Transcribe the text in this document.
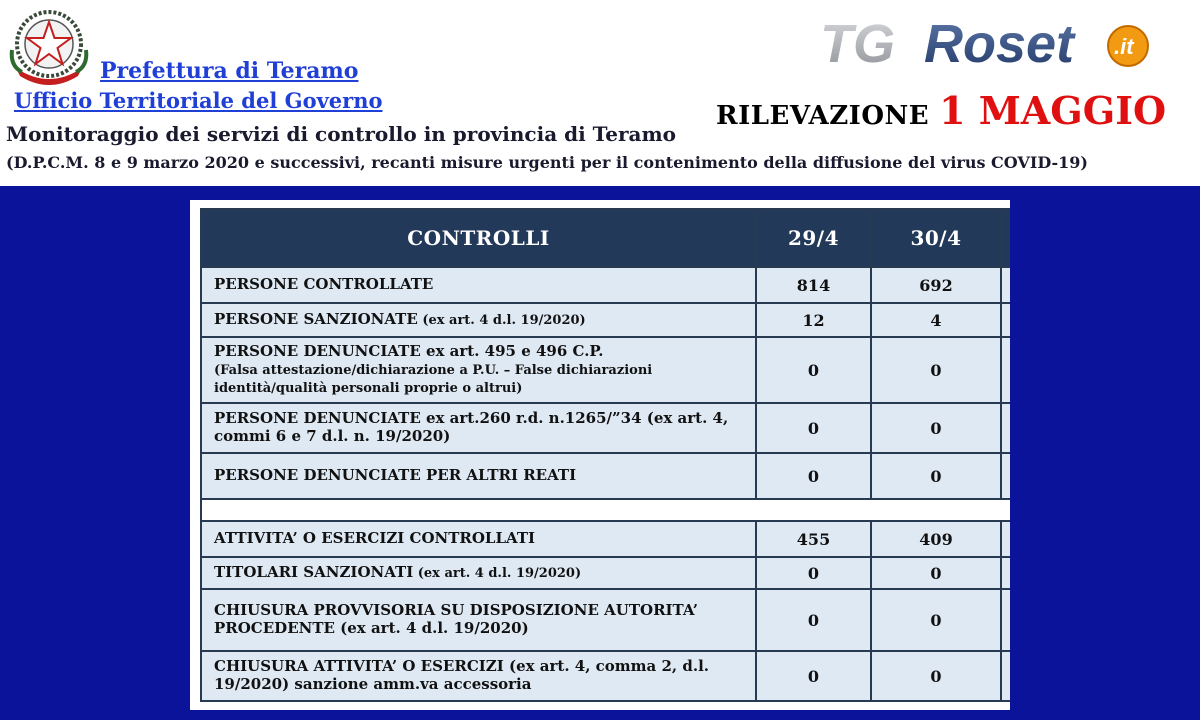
Prefettura di Teramo
Ufficio Territoriale del Governo
TG Roset .it
RILEVAZIONE 1 MAGGIO
Monitoraggio dei servizi di controllo in provincia di Teramo
(D.P.C.M. 8 e 9 marzo 2020 e successivi, recanti misure urgenti per il contenimento della diffusione del virus COVID-19)
CONTROLLI	29/4	30/4	
PERSONE CONTROLLATE	814	692	
PERSONE SANZIONATE (ex art. 4 d.l. 19/2020)	12	4	
PERSONE DENUNCIATE ex art. 495 e 496 C.P.
(Falsa attestazione/dichiarazione a P.U. – False dichiarazioni identità/qualità personali proprie o altrui)	0	0	
PERSONE DENUNCIATE ex art.260 r.d. n.1265/”34 (ex art. 4, commi 6 e 7 d.l. n. 19/2020)	0	0	
PERSONE DENUNCIATE PER ALTRI REATI	0	0	

ATTIVITA’ O ESERCIZI CONTROLLATI	455	409	
TITOLARI SANZIONATI (ex art. 4 d.l. 19/2020)	0	0	
CHIUSURA PROVVISORIA SU DISPOSIZIONE AUTORITA’ PROCEDENTE (ex art. 4 d.l. 19/2020)	0	0	
CHIUSURA ATTIVITA’ O ESERCIZI (ex art. 4, comma 2, d.l. 19/2020) sanzione amm.va accessoria	0	0	
